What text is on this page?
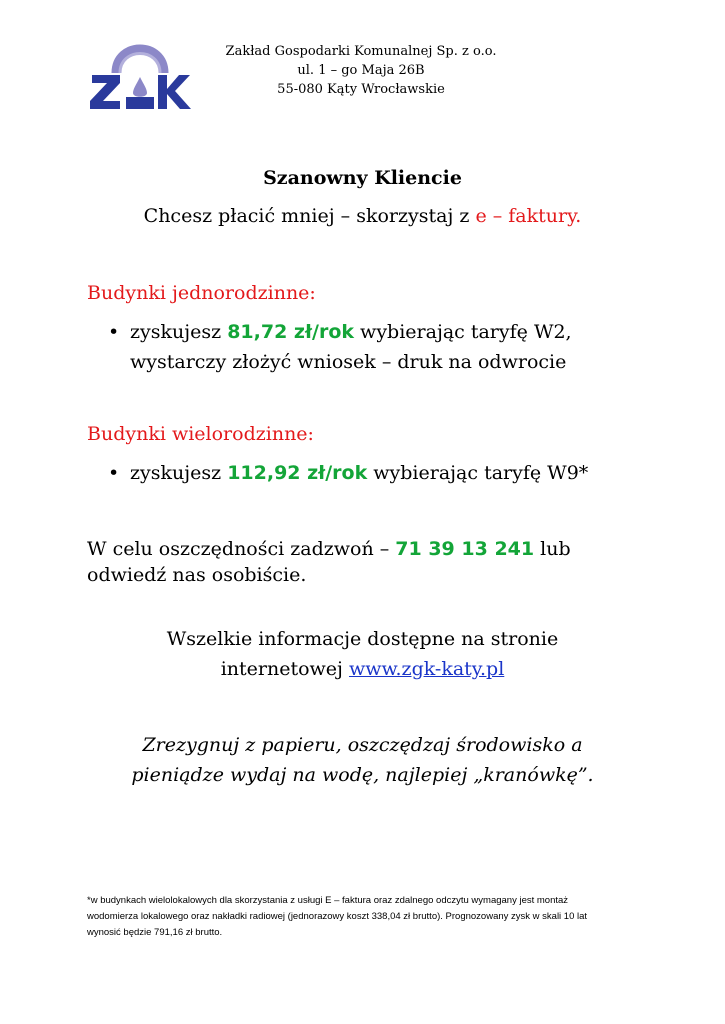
Zakład Gospodarki Komunalnej Sp. z o.o.
ul. 1 – go Maja 26B
55-080 Kąty Wrocławskie
Szanowny Kliencie
Chcesz płacić mniej – skorzystaj z e – faktury.
Budynki jednorodzinne:
• zyskujesz 81,72 zł/rok wybierając taryfę W2,
wystarczy złożyć wniosek – druk na odwrocie
Budynki wielorodzinne:
• zyskujesz 112,92 zł/rok wybierając taryfę W9*
W celu oszczędności zadzwoń – 71 39 13 241 lub
odwiedź nas osobiście.
Wszelkie informacje dostępne na stronie
internetowej www.zgk-katy.pl
Zrezygnuj z papieru, oszczędzaj środowisko a
pieniądze wydaj na wodę, najlepiej „kranówkę”.
*w budynkach wielolokalowych dla skorzystania z usługi E – faktura oraz zdalnego odczytu wymagany jest montaż
wodomierza lokalowego oraz nakładki radiowej (jednorazowy koszt 338,04 zł brutto). Prognozowany zysk w skali 10 lat
wynosić będzie 791,16 zł brutto.
